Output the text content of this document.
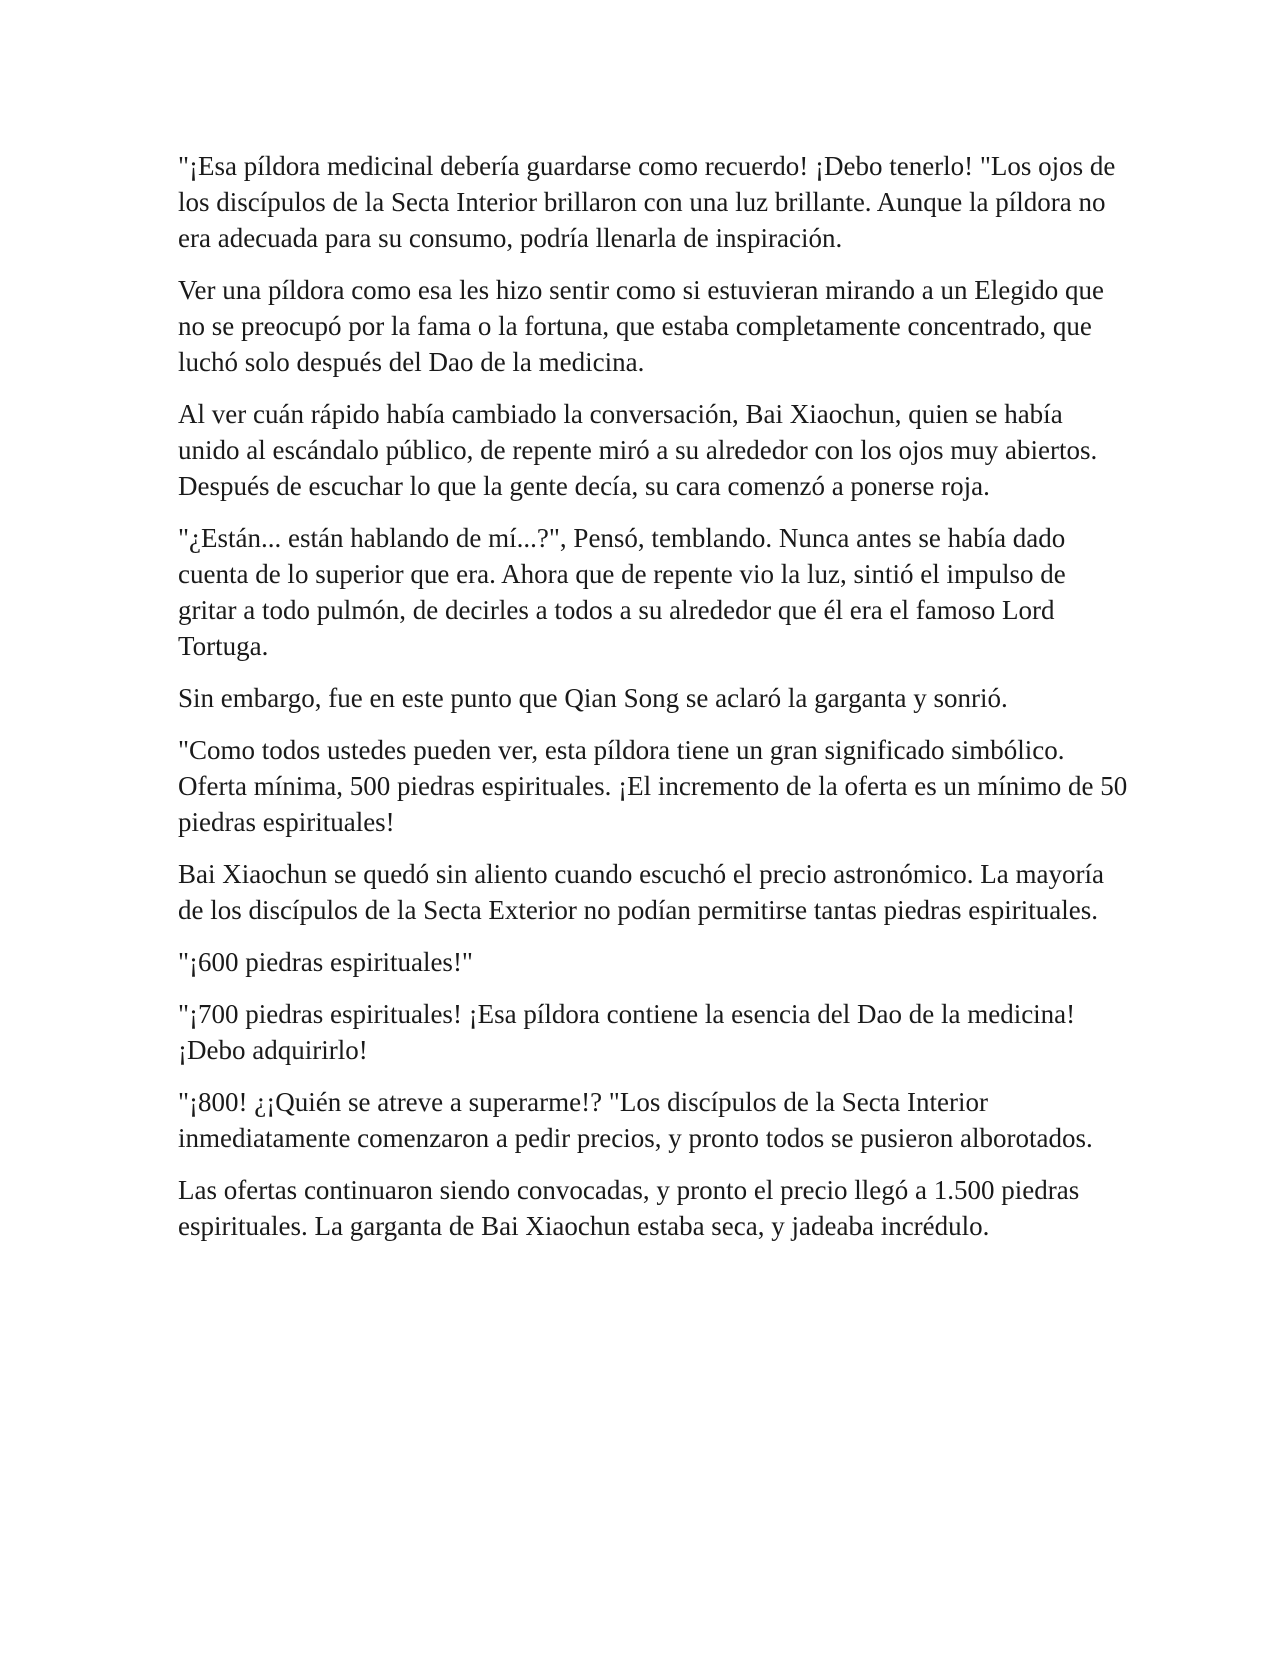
"¡Esa píldora medicinal debería guardarse como recuerdo! ¡Debo tenerlo! "Los ojos de los discípulos de la Secta Interior brillaron con una luz brillante. Aunque la píldora no era adecuada para su consumo, podría llenarla de inspiración.

Ver una píldora como esa les hizo sentir como si estuvieran mirando a un Elegido que no se preocupó por la fama o la fortuna, que estaba completamente concentrado, que luchó solo después del Dao de la medicina.

Al ver cuán rápido había cambiado la conversación, Bai Xiaochun, quien se había unido al escándalo público, de repente miró a su alrededor con los ojos muy abiertos. Después de escuchar lo que la gente decía, su cara comenzó a ponerse roja.

"¿Están... están hablando de mí...?", Pensó, temblando. Nunca antes se había dado cuenta de lo superior que era. Ahora que de repente vio la luz, sintió el impulso de gritar a todo pulmón, de decirles a todos a su alrededor que él era el famoso Lord Tortuga.

Sin embargo, fue en este punto que Qian Song se aclaró la garganta y sonrió.

"Como todos ustedes pueden ver, esta píldora tiene un gran significado simbólico. Oferta mínima, 500 piedras espirituales. ¡El incremento de la oferta es un mínimo de 50 piedras espirituales!

Bai Xiaochun se quedó sin aliento cuando escuchó el precio astronómico. La mayoría de los discípulos de la Secta Exterior no podían permitirse tantas piedras espirituales.

"¡600 piedras espirituales!"

"¡700 piedras espirituales! ¡Esa píldora contiene la esencia del Dao de la medicina! ¡Debo adquirirlo!

"¡800! ¿¡Quién se atreve a superarme!? "Los discípulos de la Secta Interior inmediatamente comenzaron a pedir precios, y pronto todos se pusieron alborotados.

Las ofertas continuaron siendo convocadas, y pronto el precio llegó a 1.500 piedras espirituales. La garganta de Bai Xiaochun estaba seca, y jadeaba incrédulo.
